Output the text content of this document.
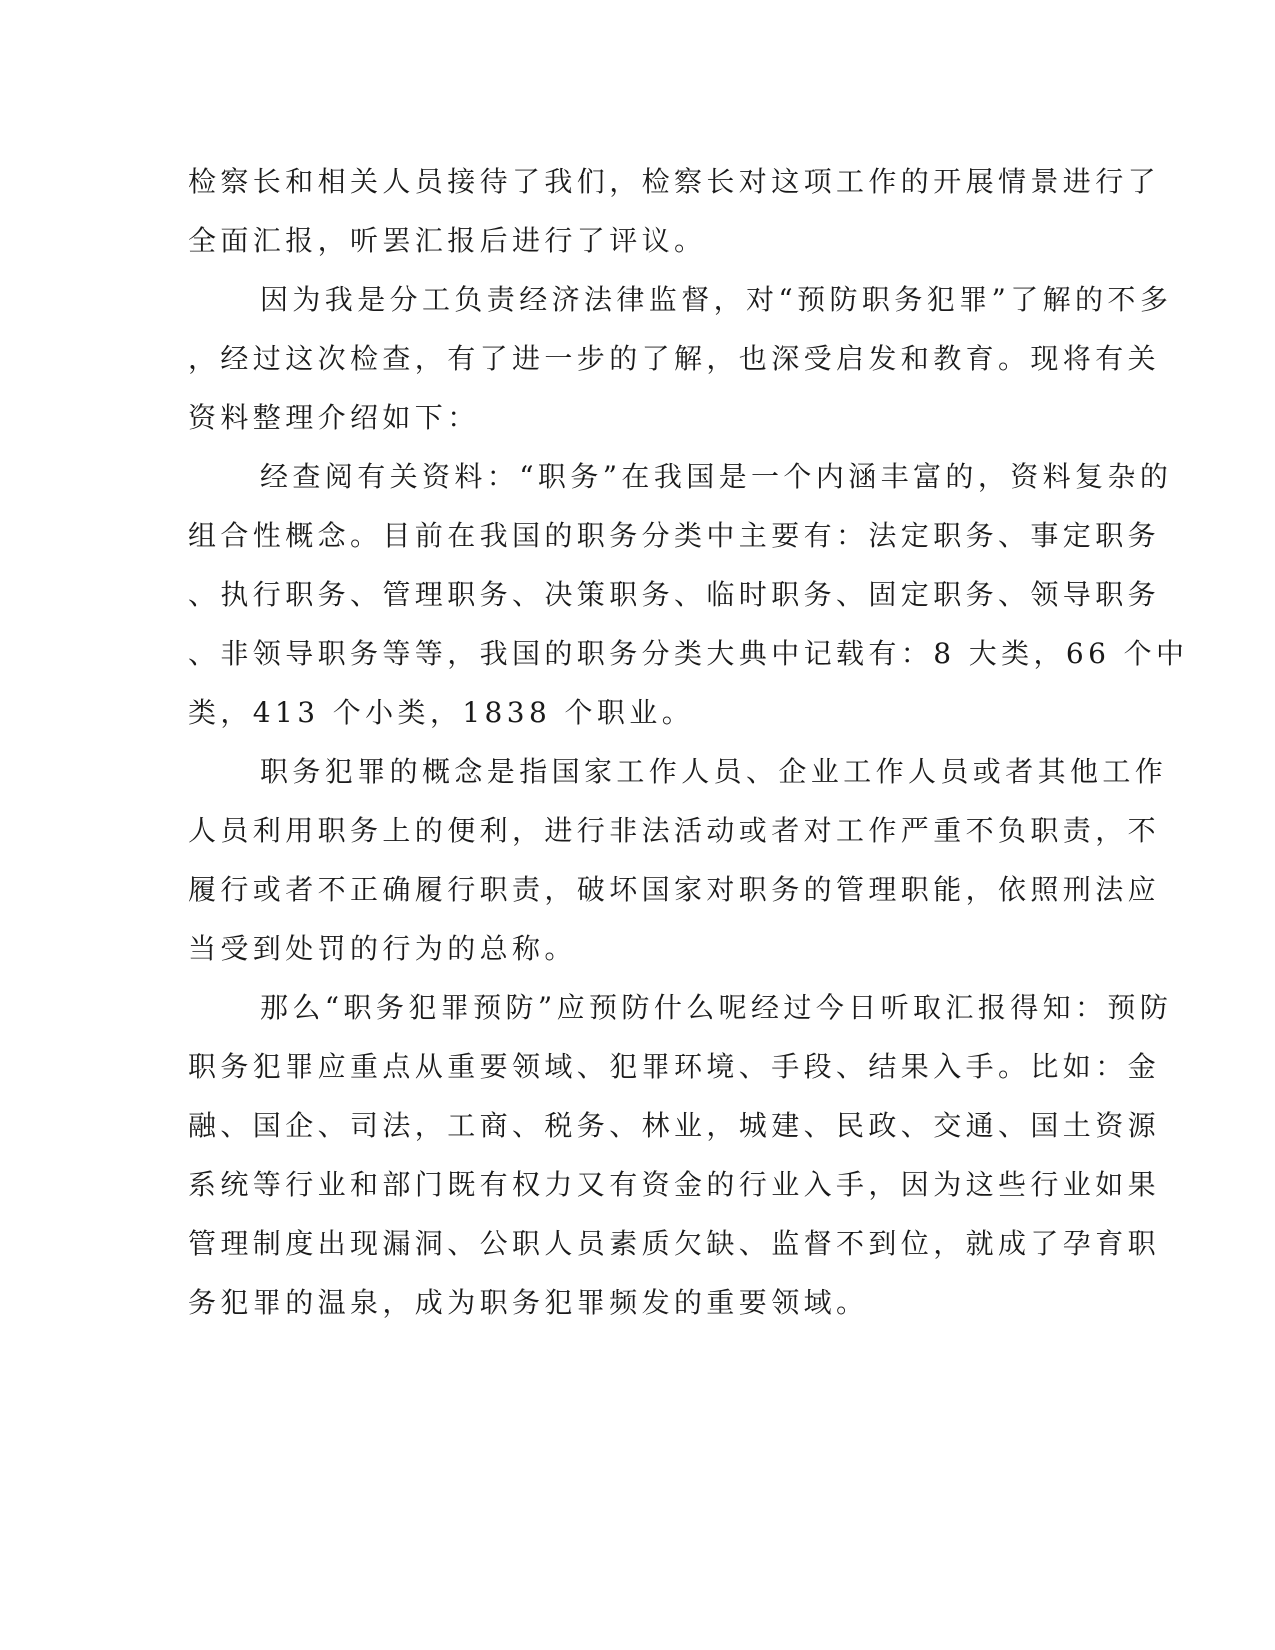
检察长和相关人员接待了我们，检察长对这项工作的开展情景进行了
全面汇报，听罢汇报后进行了评议。
因为我是分工负责经济法律监督，对“预防职务犯罪”了解的不多
，经过这次检查，有了进一步的了解，也深受启发和教育。现将有关
资料整理介绍如下：
经查阅有关资料：“职务”在我国是一个内涵丰富的，资料复杂的
组合性概念。目前在我国的职务分类中主要有：法定职务、事定职务
、执行职务、管理职务、决策职务、临时职务、固定职务、领导职务
、非领导职务等等，我国的职务分类大典中记载有：8 大类，66 个中
类，413 个小类，1838 个职业。
职务犯罪的概念是指国家工作人员、企业工作人员或者其他工作
人员利用职务上的便利，进行非法活动或者对工作严重不负职责，不
履行或者不正确履行职责，破坏国家对职务的管理职能，依照刑法应
当受到处罚的行为的总称。
那么“职务犯罪预防”应预防什么呢经过今日听取汇报得知：预防
职务犯罪应重点从重要领域、犯罪环境、手段、结果入手。比如：金
融、国企、司法，工商、税务、林业，城建、民政、交通、国土资源
系统等行业和部门既有权力又有资金的行业入手，因为这些行业如果
管理制度出现漏洞、公职人员素质欠缺、监督不到位，就成了孕育职
务犯罪的温泉，成为职务犯罪频发的重要领域。
